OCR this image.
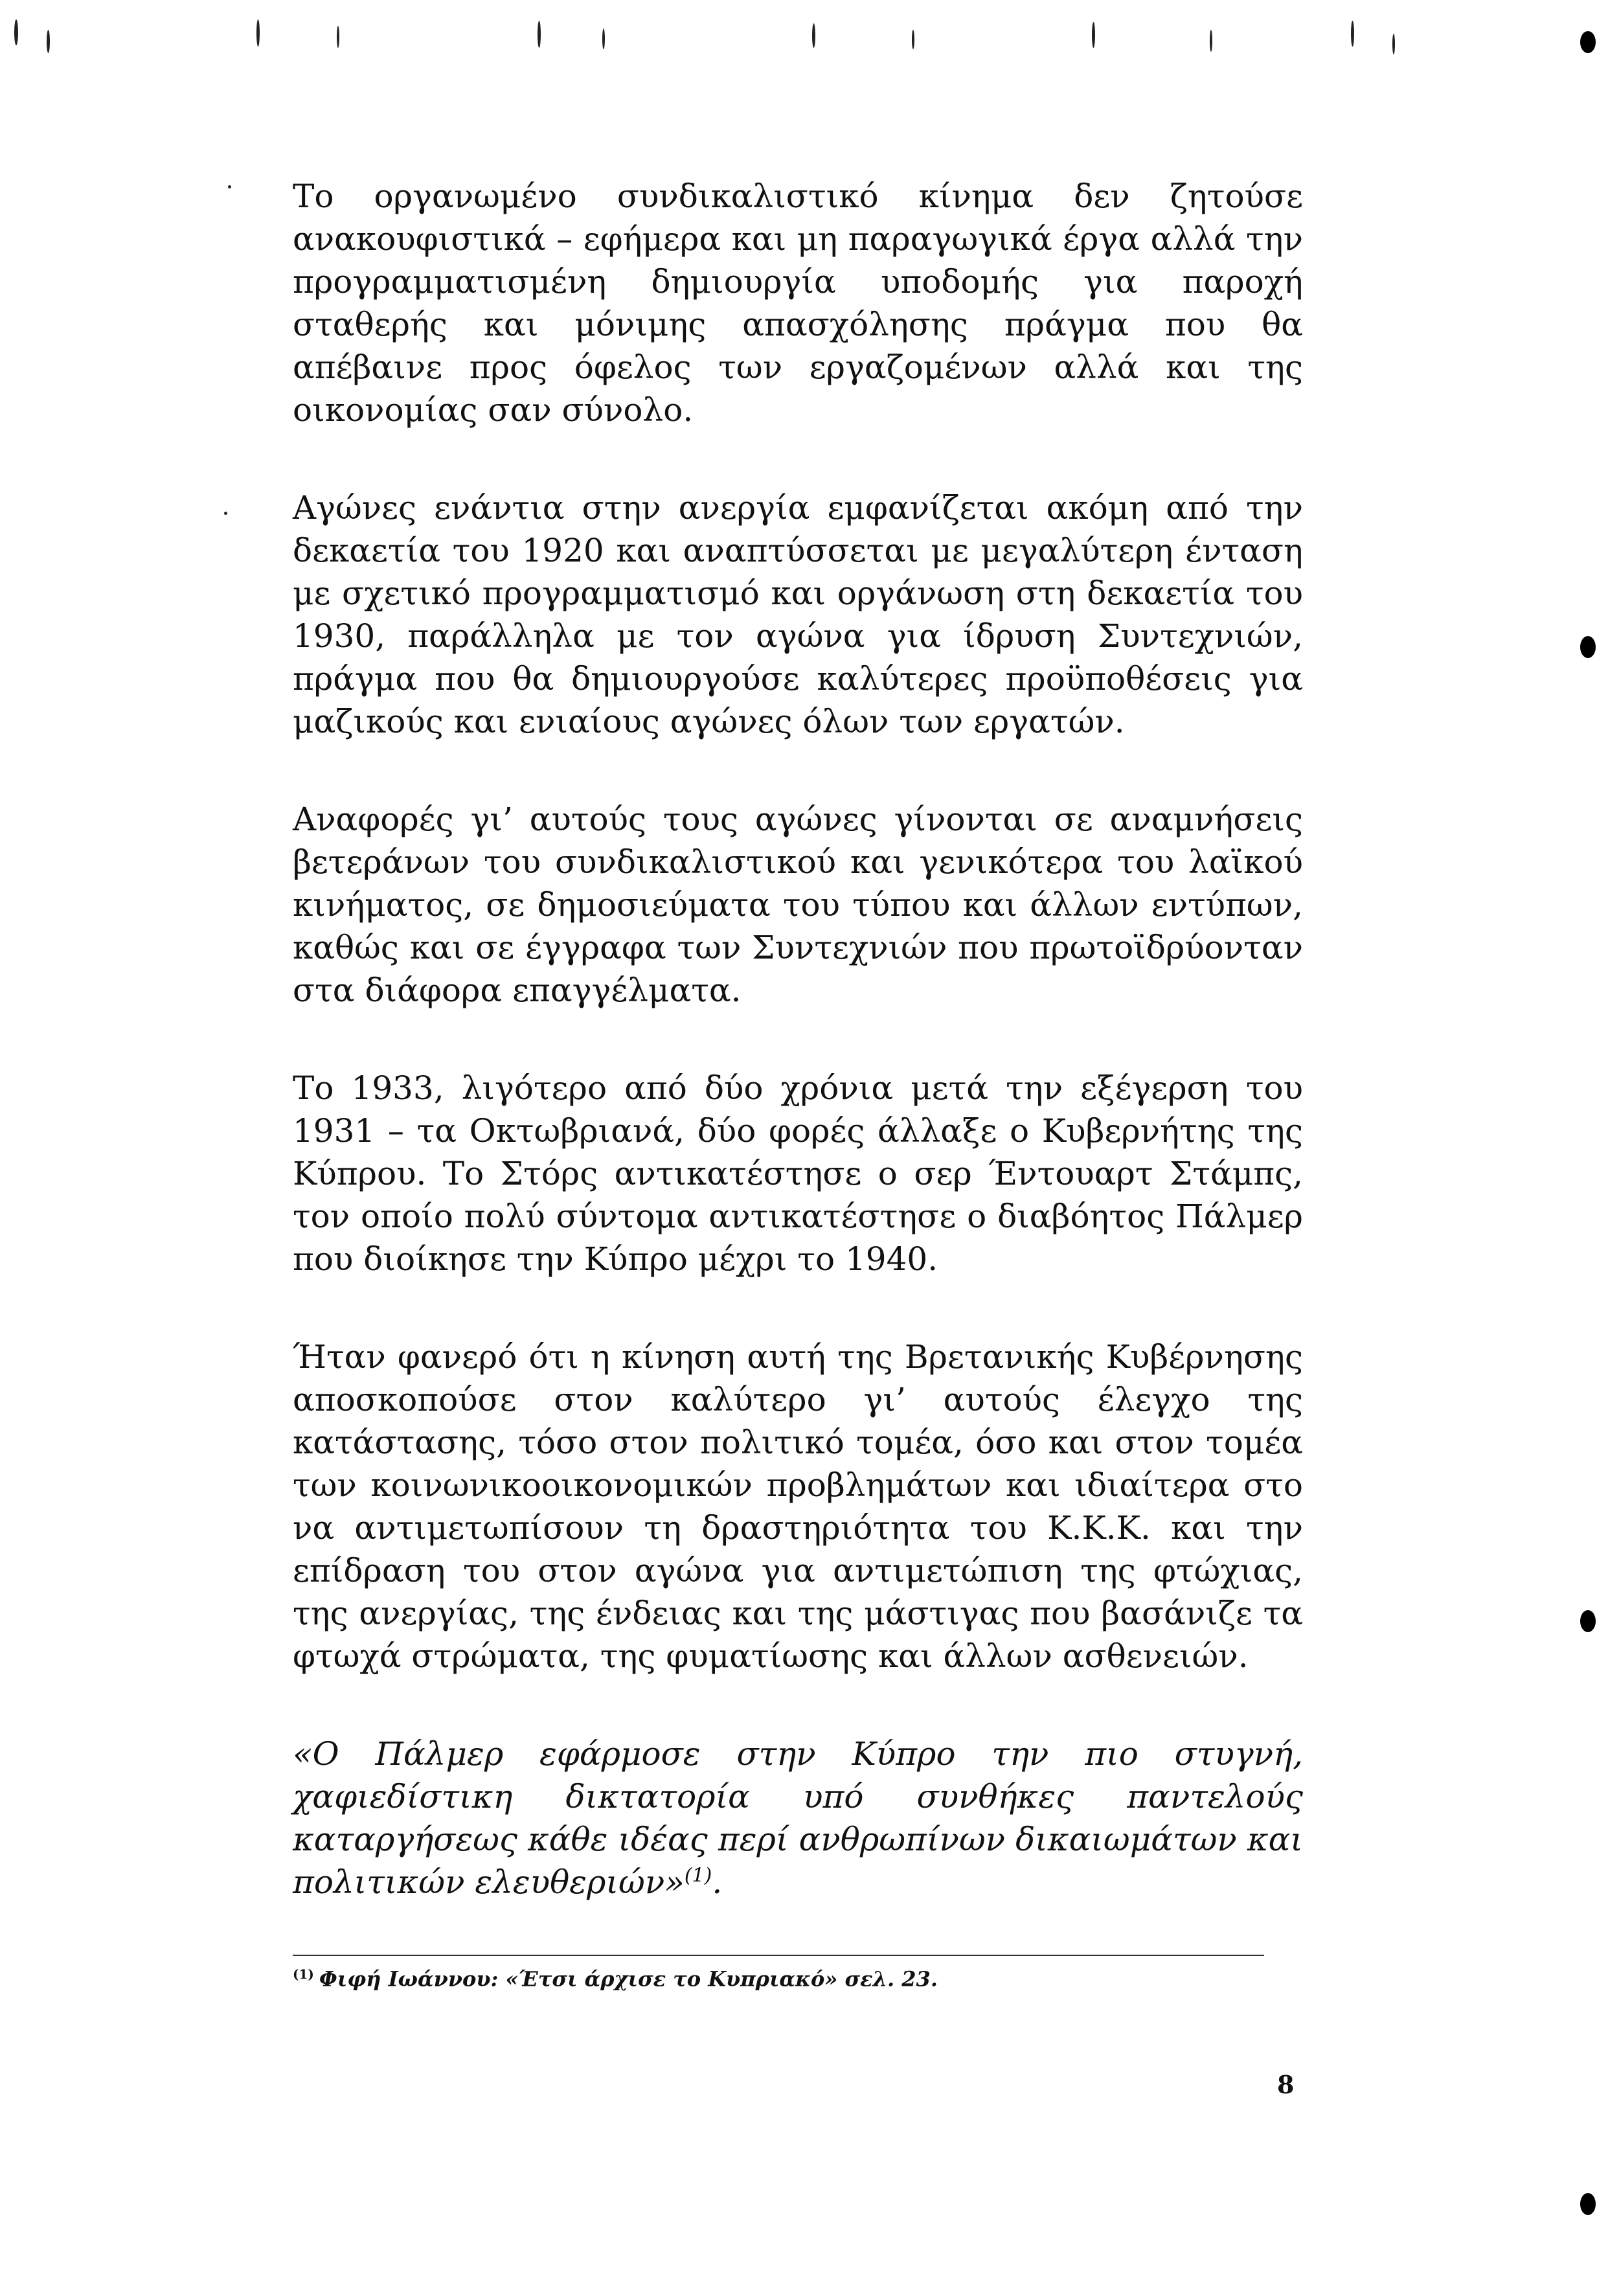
Το οργανωμένο συνδικαλιστικό κίνημα δεν ζητούσε ανακουφιστικά – εφήμερα και μη παραγωγικά έργα αλλά την προγραμματισμένη δημιουργία υποδομής για παροχή σταθερής και μόνιμης απασχόλησης πράγμα που θα απέβαινε προς όφελος των εργαζομένων αλλά και της οικονομίας σαν σύνολο.

Αγώνες ενάντια στην ανεργία εμφανίζεται ακόμη από την δεκαετία του 1920 και αναπτύσσεται με μεγαλύτερη ένταση με σχετικό προγραμματισμό και οργάνωση στη δεκαετία του 1930, παράλληλα με τον αγώνα για ίδρυση Συντεχνιών, πράγμα που θα δημιουργούσε καλύτερες προϋποθέσεις για μαζικούς και ενιαίους αγώνες όλων των εργατών.

Αναφορές γι’ αυτούς τους αγώνες γίνονται σε αναμνήσεις βετεράνων του συνδικαλιστικού και γενικότερα του λαϊκού κινήματος, σε δημοσιεύματα του τύπου και άλλων εντύπων, καθώς και σε έγγραφα των Συντεχνιών που πρωτοϊδρύονταν στα διάφορα επαγγέλματα.

Το 1933, λιγότερο από δύο χρόνια μετά την εξέγερση του 1931 – τα Οκτωβριανά, δύο φορές άλλαξε ο Κυβερνήτης της Κύπρου. Το Στόρς αντικατέστησε ο σερ Έντουαρτ Στάμπς, τον οποίο πολύ σύντομα αντικατέστησε ο διαβόητος Πάλμερ που διοίκησε την Κύπρο μέχρι το 1940.

Ήταν φανερό ότι η κίνηση αυτή της Βρετανικής Κυβέρνησης αποσκοπούσε στον καλύτερο γι’ αυτούς έλεγχο της κατάστασης, τόσο στον πολιτικό τομέα, όσο και στον τομέα των κοινωνικοοικονομικών προβλημάτων και ιδιαίτερα στο να αντιμετωπίσουν τη δραστηριότητα του Κ.Κ.Κ. και την επίδραση του στον αγώνα για αντιμετώπιση της φτώχιας, της ανεργίας, της ένδειας και της μάστιγας που βασάνιζε τα φτωχά στρώματα, της φυματίωσης και άλλων ασθενειών.

«Ο Πάλμερ εφάρμοσε στην Κύπρο την πιο στυγνή, χαφιεδίστικη δικτατορία υπό συνθήκες παντελούς καταργήσεως κάθε ιδέας περί ανθρωπίνων δικαιωμάτων και πολιτικών ελευθεριών»$^{(1)}$.

$^{(1)}$ Φιφή Ιωάννου: «Έτσι άρχισε το Κυπριακό» σελ. 23.
8
